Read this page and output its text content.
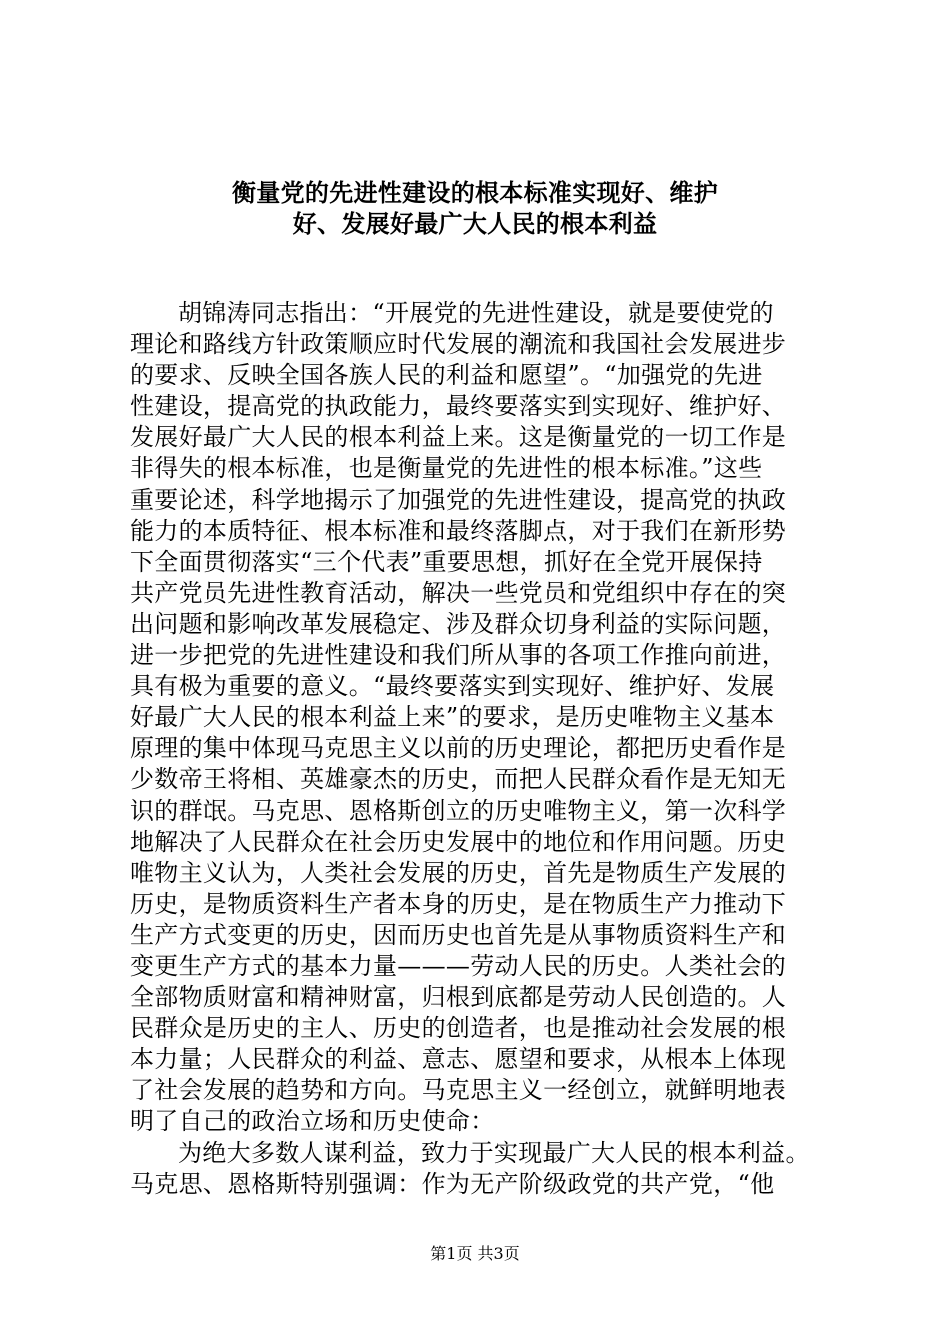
衡量党的先进性建设的根本标准实现好、维护
好、发展好最广大人民的根本利益
胡锦涛同志指出：“开展党的先进性建设，就是要使党的
理论和路线方针政策顺应时代发展的潮流和我国社会发展进步
的要求、反映全国各族人民的利益和愿望”。“加强党的先进
性建设，提高党的执政能力，最终要落实到实现好、维护好、
发展好最广大人民的根本利益上来。这是衡量党的一切工作是
非得失的根本标准，也是衡量党的先进性的根本标准。”这些
重要论述，科学地揭示了加强党的先进性建设，提高党的执政
能力的本质特征、根本标准和最终落脚点，对于我们在新形势
下全面贯彻落实“三个代表”重要思想，抓好在全党开展保持
共产党员先进性教育活动，解决一些党员和党组织中存在的突
出问题和影响改革发展稳定、涉及群众切身利益的实际问题，
进一步把党的先进性建设和我们所从事的各项工作推向前进，
具有极为重要的意义。“最终要落实到实现好、维护好、发展
好最广大人民的根本利益上来”的要求，是历史唯物主义基本
原理的集中体现马克思主义以前的历史理论，都把历史看作是
少数帝王将相、英雄豪杰的历史，而把人民群众看作是无知无
识的群氓。马克思、恩格斯创立的历史唯物主义，第一次科学
地解决了人民群众在社会历史发展中的地位和作用问题。历史
唯物主义认为，人类社会发展的历史，首先是物质生产发展的
历史，是物质资料生产者本身的历史，是在物质生产力推动下
生产方式变更的历史，因而历史也首先是从事物质资料生产和
变更生产方式的基本力量———劳动人民的历史。人类社会的
全部物质财富和精神财富，归根到底都是劳动人民创造的。人
民群众是历史的主人、历史的创造者，也是推动社会发展的根
本力量；人民群众的利益、意志、愿望和要求，从根本上体现
了社会发展的趋势和方向。马克思主义一经创立，就鲜明地表
明了自己的政治立场和历史使命：
为绝大多数人谋利益，致力于实现最广大人民的根本利益。
马克思、恩格斯特别强调：作为无产阶级政党的共产党，“他
第1页 共3页
